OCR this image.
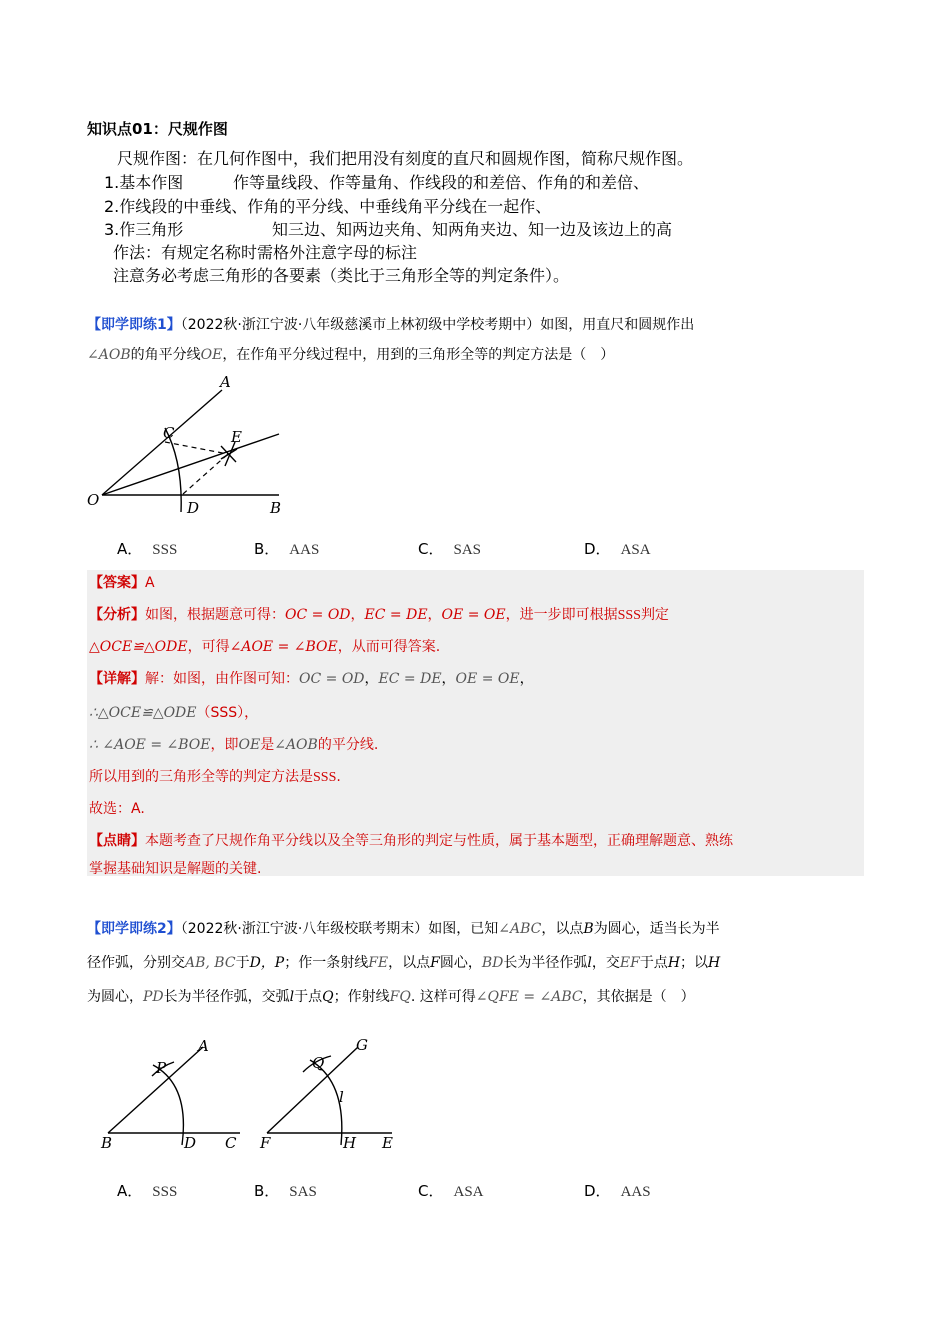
知识点01：尺规作图
尺规作图：在几何作图中，我们把用没有刻度的直尺和圆规作图，简称尺规作图。
1.基本作图	作等量线段、作等量角、作线段的和差倍、作角的和差倍、
2.作线段的中垂线、作角的平分线、中垂线角平分线在一起作、
3.作三角形	知三边、知两边夹角、知两角夹边、知一边及该边上的高
作法：有规定名称时需格外注意字母的标注
注意务必考虑三角形的各要素（类比于三角形全等的判定条件）。
【即学即练1】（2022秋·浙江宁波·八年级慈溪市上林初级中学校考期中）如图，用直尺和圆规作出
∠AOB的角平分线OE，在作角平分线过程中，用到的三角形全等的判定方法是（　）
A
C	E
O	D	B
A． SSS	B． AAS	C． SAS	D． ASA
【答案】A
【分析】如图，根据题意可得：OC = OD，EC = DE，OE = OE，进一步即可根据SSS判定
△OCE≌△ODE，可得∠AOE = ∠BOE，从而可得答案.
【详解】解：如图，由作图可知：OC = OD，EC = DE，OE = OE，
∴△OCE≌△ODE（SSS），
∴ ∠AOE = ∠BOE，即OE是∠AOB的平分线.
所以用到的三角形全等的判定方法是SSS.
故选：A.
【点睛】本题考查了尺规作角平分线以及全等三角形的判定与性质，属于基本题型，正确理解题意、熟练
掌握基础知识是解题的关键.
【即学即练2】（2022秋·浙江宁波·八年级校联考期末）如图，已知∠ABC，以点B为圆心，适当长为半
径作弧，分别交AB, BC于D，P；作一条射线FE，以点F圆心，BD长为半径作弧l，交EF于点H；以H
为圆心，PD长为半径作弧，交弧l于点Q；作射线FQ. 这样可得∠QFE = ∠ABC，其依据是（　）
P
A
B	D C
Q
G
l
F	H E
A． SSS	B． SAS	C． ASA	D． AAS
